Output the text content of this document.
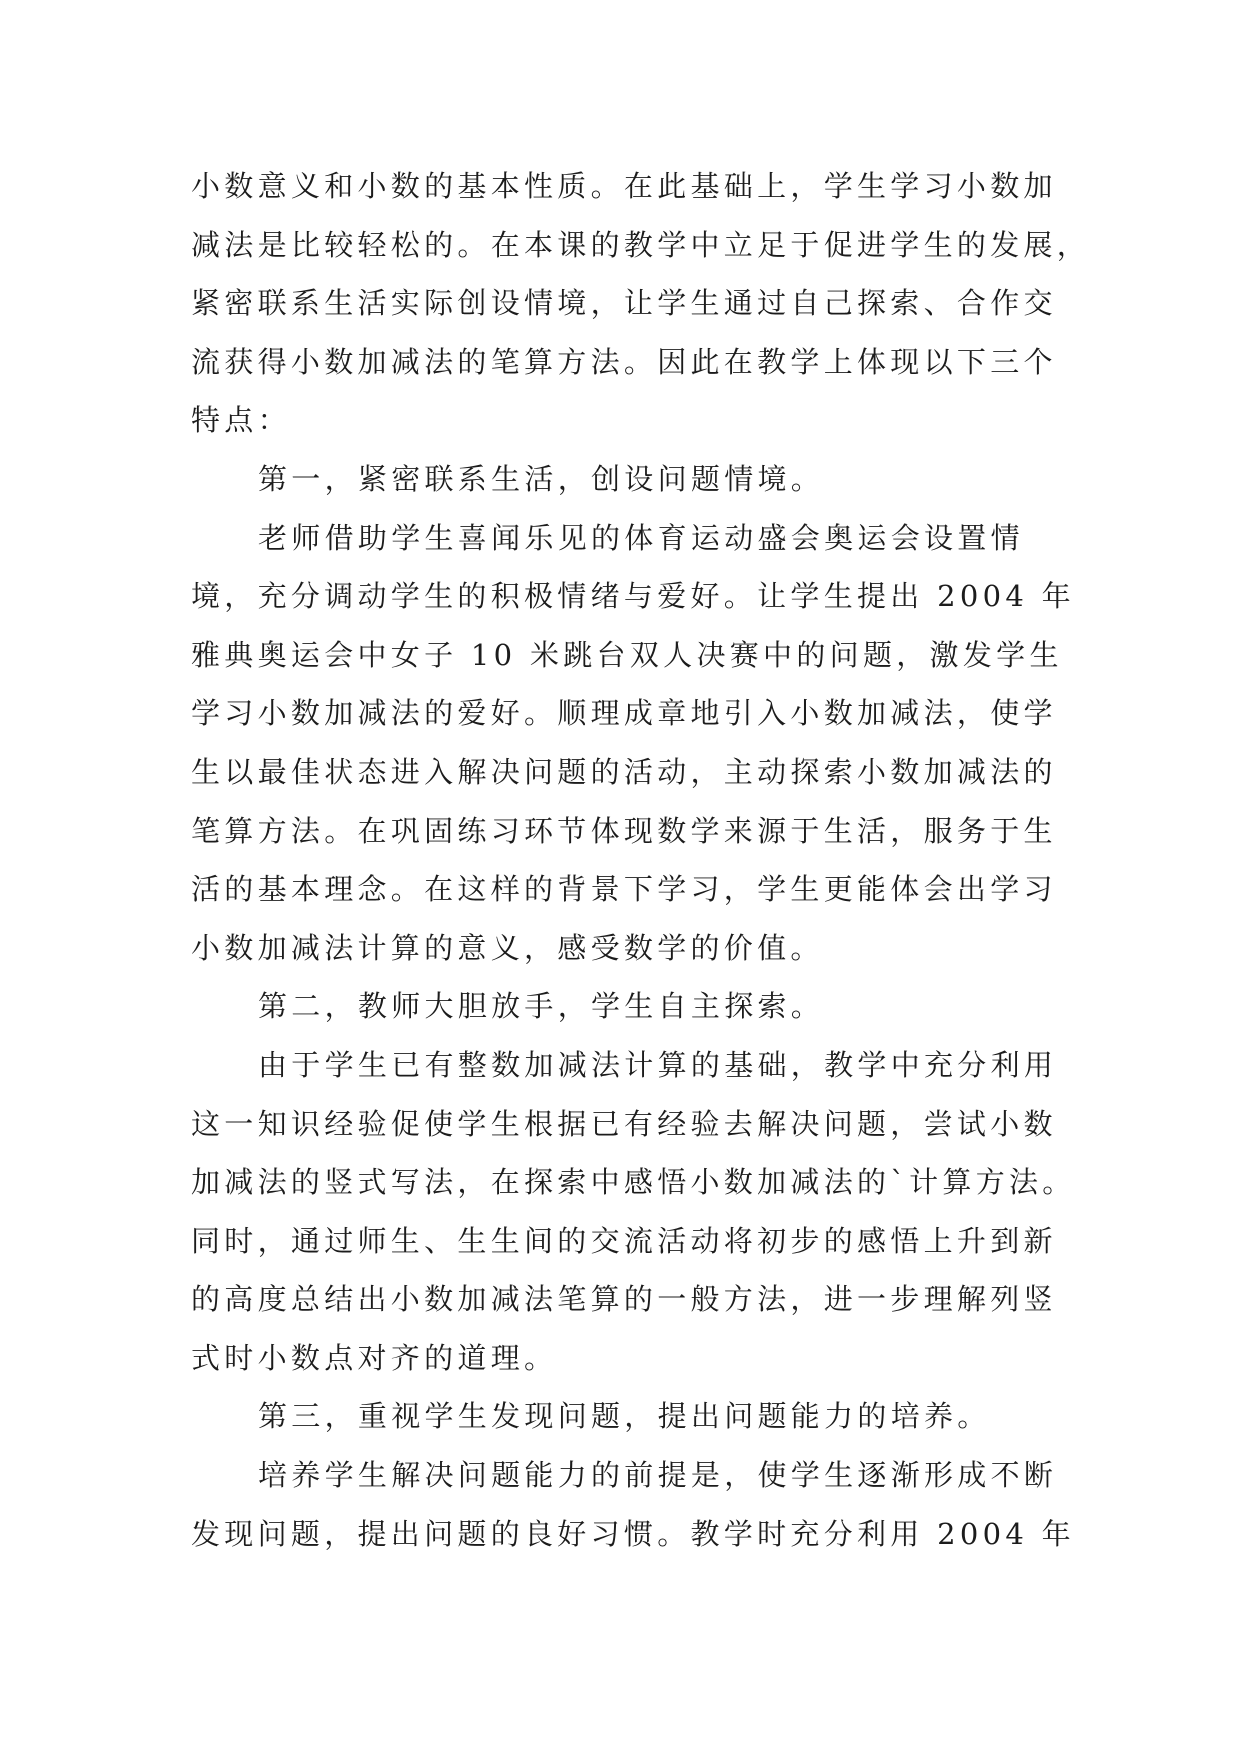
小数意义和小数的基本性质。在此基础上，学生学习小数加
减法是比较轻松的。在本课的教学中立足于促进学生的发展，
紧密联系生活实际创设情境，让学生通过自己探索、合作交
流获得小数加减法的笔算方法。因此在教学上体现以下三个
特点：
第一，紧密联系生活，创设问题情境。
老师借助学生喜闻乐见的体育运动盛会奥运会设置情
境，充分调动学生的积极情绪与爱好。让学生提出 2004 年
雅典奥运会中女子 10 米跳台双人决赛中的问题，激发学生
学习小数加减法的爱好。顺理成章地引入小数加减法，使学
生以最佳状态进入解决问题的活动，主动探索小数加减法的
笔算方法。在巩固练习环节体现数学来源于生活，服务于生
活的基本理念。在这样的背景下学习，学生更能体会出学习
小数加减法计算的意义，感受数学的价值。
第二，教师大胆放手，学生自主探索。
由于学生已有整数加减法计算的基础，教学中充分利用
这一知识经验促使学生根据已有经验去解决问题，尝试小数
加减法的竖式写法，在探索中感悟小数加减法的`计算方法。
同时，通过师生、生生间的交流活动将初步的感悟上升到新
的高度总结出小数加减法笔算的一般方法，进一步理解列竖
式时小数点对齐的道理。
第三，重视学生发现问题，提出问题能力的培养。
培养学生解决问题能力的前提是，使学生逐渐形成不断
发现问题，提出问题的良好习惯。教学时充分利用 2004 年
